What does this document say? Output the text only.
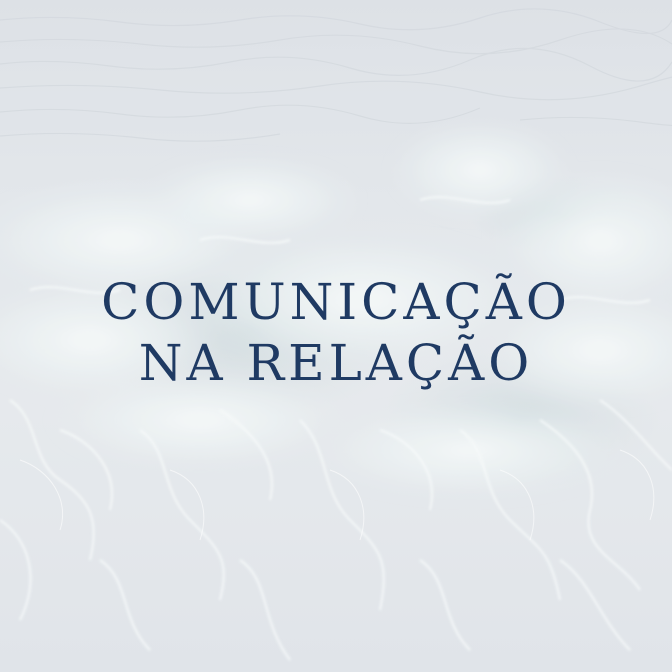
COMUNICAÇÃO
NA RELAÇÃO
